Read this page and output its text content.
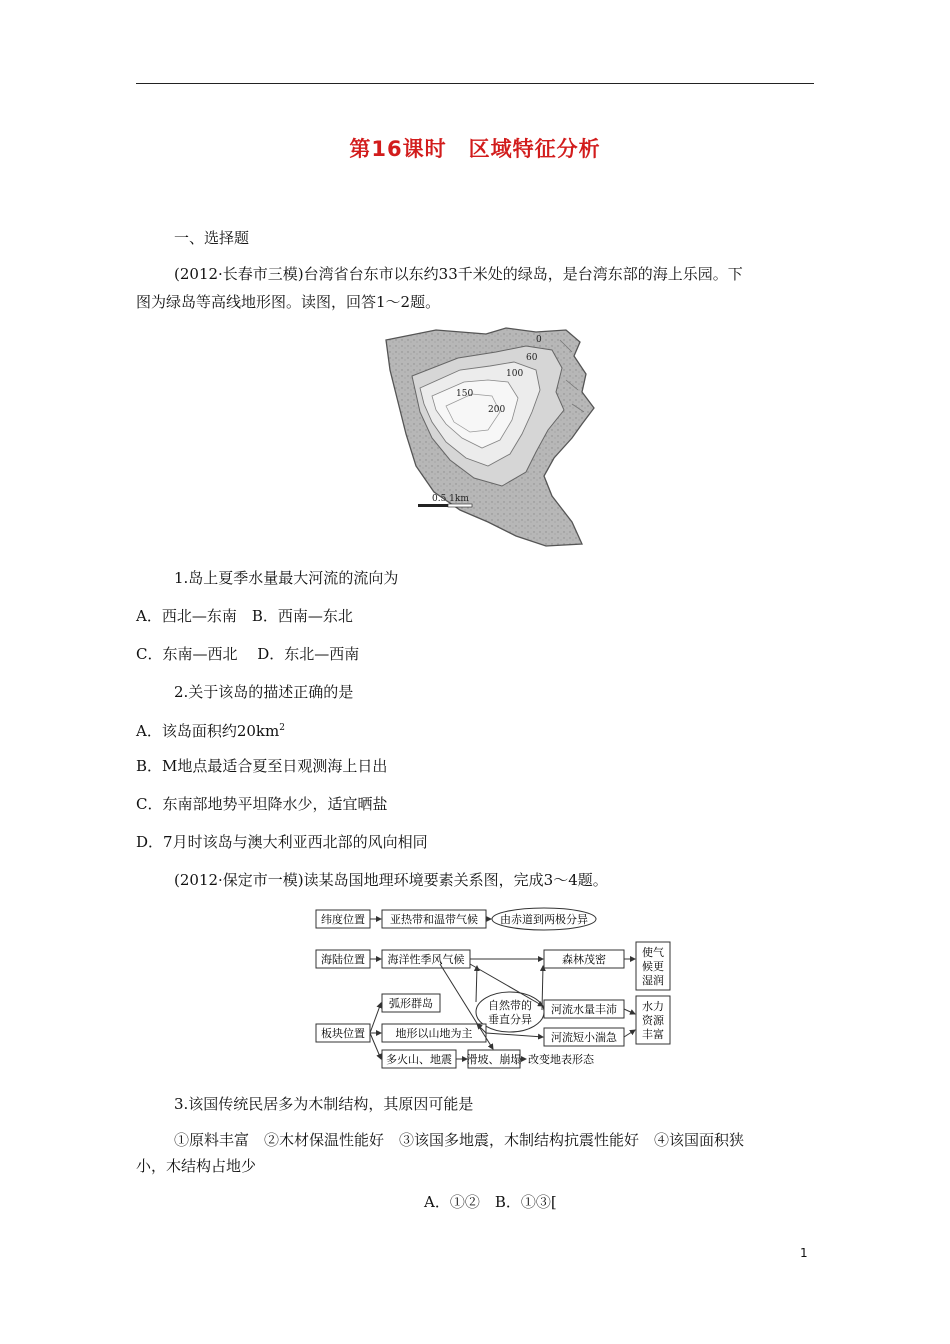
第16课时　区域特征分析
一、选择题
(2012·长春市三模)台湾省台东市以东约33千米处的绿岛，是台湾东部的海上乐园。下
图为绿岛等高线地形图。读图，回答1～2题。
0
60
100
150
200
0.5 1km
1.岛上夏季水量最大河流的流向为
A．西北—东南　B．西南—东北
C．东南—西北　 D．东北—西南
2.关于该岛的描述正确的是
A．该岛面积约$20km^2$
B．M地点最适合夏至日观测海上日出
C．东南部地势平坦降水少，适宜晒盐
D．7月时该岛与澳大利亚西北部的风向相同
(2012·保定市一模)读某岛国地理环境要素关系图，完成3～4题。
纬度位置 亚热带和温带气候 由赤道到两极分异
海陆位置 海洋性季风气候	森林茂密
使气
候更
湿润
弧形群岛	自然带的
垂直分异
河流水量丰沛 水力
资源
丰富
板块位置	地形以山地为主	河流短小湍急
多火山、地震 滑坡、崩塌 改变地表形态
3.该国传统民居多为木制结构，其原因可能是
①原料丰富　②木材保温性能好　③该国多地震，木制结构抗震性能好　④该国面积狭
小，木结构占地少
A．①②　B．①③[
1
